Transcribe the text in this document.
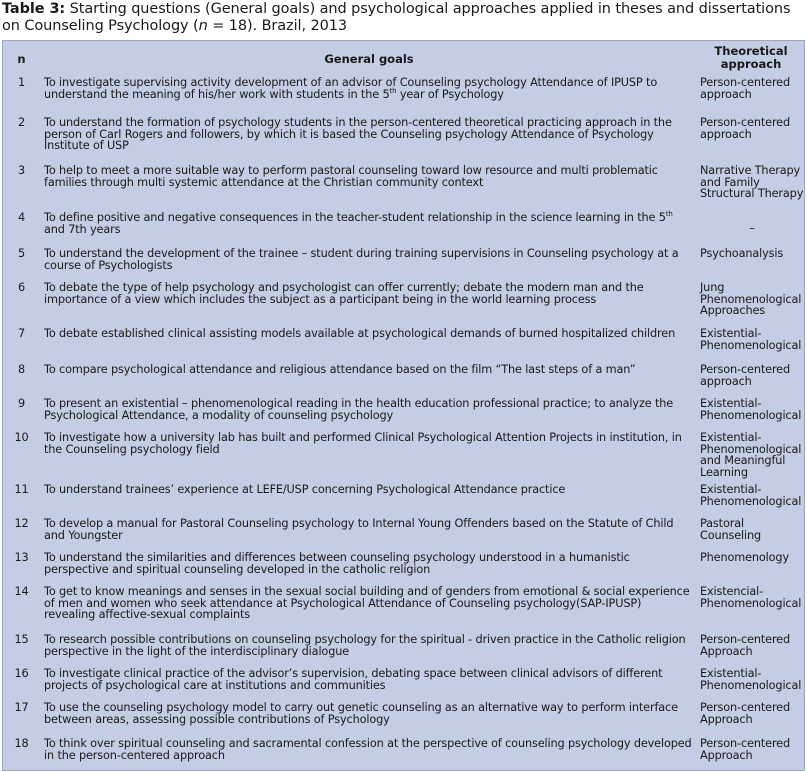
Table 3: Starting questions (General goals) and psychological approaches applied in theses and dissertations on Counseling Psychology (n = 18). Brazil, 2013
n	General goals	Theoretical
approach
1	To investigate supervising activity development of an advisor of Counseling psychology Attendance of IPUSP to understand the meaning of his/her work with students in the 5th year of Psychology	Person-centered approach
2	To understand the formation of psychology students in the person-centered theoretical practicing approach in the person of Carl Rogers and followers, by which it is based the Counseling psychology Attendance of Psychology Institute of USP	Person-centered approach
3	To help to meet a more suitable way to perform pastoral counseling toward low resource and multi problematic families through multi systemic attendance at the Christian community context	Narrative Therapy and Family Structural Therapy
4	To define positive and negative consequences in the teacher-student relationship in the science learning in the 5th and 7th years	–
5	To understand the development of the trainee – student during training supervisions in Counseling psychology at a course of Psychologists	Psychoanalysis
6	To debate the type of help psychology and psychologist can offer currently; debate the modern man and the importance of a view which includes the subject as a participant being in the world learning process	Jung Phenomenological Approaches
7	To debate established clinical assisting models available at psychological demands of burned hospitalized children	Existential-Phenomenological
8	To compare psychological attendance and religious attendance based on the film “The last steps of a man”	Person-centered approach
9	To present an existential – phenomenological reading in the health education professional practice; to analyze the Psychological Attendance, a modality of counseling psychology	Existential-Phenomenological
10	To investigate how a university lab has built and performed Clinical Psychological Attention Projects in institution, in the Counseling psychology field	Existential-Phenomenological and Meaningful Learning
11	To understand trainees’ experience at LEFE/USP concerning Psychological Attendance practice	Existential-Phenomenological
12	To develop a manual for Pastoral Counseling psychology to Internal Young Offenders based on the Statute of Child and Youngster	Pastoral Counseling
13	To understand the similarities and differences between counseling psychology understood in a humanistic perspective and spiritual counseling developed in the catholic religion	Phenomenology
14	To get to know meanings and senses in the sexual social building and of genders from emotional & social experience of men and women who seek attendance at Psychological Attendance of Counseling psychology(SAP-IPUSP) revealing affective-sexual complaints	Existencial-Phenomenological
15	To research possible contributions on counseling psychology for the spiritual - driven practice in the Catholic religion perspective in the light of the interdisciplinary dialogue	Person-centered Approach
16	To investigate clinical practice of the advisor’s supervision, debating space between clinical advisors of different projects of psychological care at institutions and communities	Existential-Phenomenological
17	To use the counseling psychology model to carry out genetic counseling as an alternative way to perform interface between areas, assessing possible contributions of Psychology	Person-centered Approach
18	To think over spiritual counseling and sacramental confession at the perspective of counseling psychology developed in the person-centered approach	Person-centered Approach
